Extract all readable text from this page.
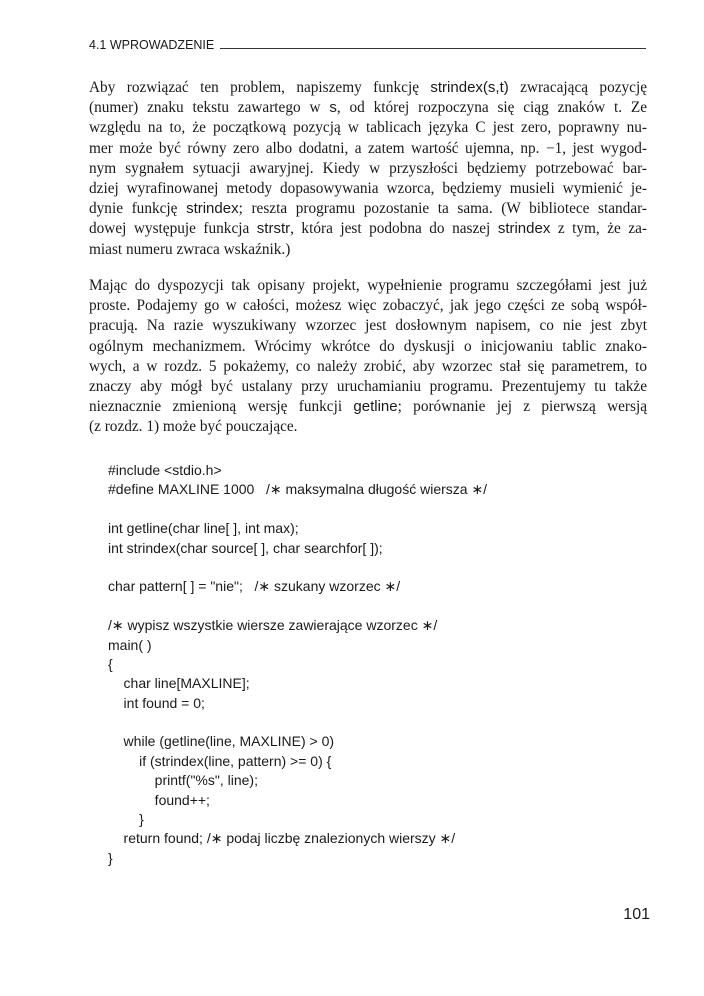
4.1 WPROWADZENIE
Aby rozwiązać ten problem, napiszemy funkcję strindex(s,t) zwracającą pozycję
(numer) znaku tekstu zawartego w s, od której rozpoczyna się ciąg znaków t. Ze
względu na to, że początkową pozycją w tablicach języka C jest zero, poprawny nu-
mer może być równy zero albo dodatni, a zatem wartość ujemna, np. −1, jest wygod-
nym sygnałem sytuacji awaryjnej. Kiedy w przyszłości będziemy potrzebować bar-
dziej wyrafinowanej metody dopasowywania wzorca, będziemy musieli wymienić je-
dynie funkcję strindex; reszta programu pozostanie ta sama. (W bibliotece standar-
dowej występuje funkcja strstr, która jest podobna do naszej strindex z tym, że za-
miast numeru zwraca wskaźnik.)
Mając do dyspozycji tak opisany projekt, wypełnienie programu szczegółami jest już
proste. Podajemy go w całości, możesz więc zobaczyć, jak jego części ze sobą współ-
pracują. Na razie wyszukiwany wzorzec jest dosłownym napisem, co nie jest zbyt
ogólnym mechanizmem. Wrócimy wkrótce do dyskusji o inicjowaniu tablic znako-
wych, a w rozdz. 5 pokażemy, co należy zrobić, aby wzorzec stał się parametrem, to
znaczy aby mógł być ustalany przy uruchamianiu programu. Prezentujemy tu także
nieznacznie zmienioną wersję funkcji getline; porównanie jej z pierwszą wersją
(z rozdz. 1) może być pouczające.
#include <stdio.h>
#define MAXLINE 1000   /∗ maksymalna długość wiersza ∗/
int getline(char line[ ], int max);
int strindex(char source[ ], char searchfor[ ]);
char pattern[ ] = "nie";   /∗ szukany wzorzec ∗/
/∗ wypisz wszystkie wiersze zawierające wzorzec ∗/
main( )
{
char line[MAXLINE];
int found = 0;
while (getline(line, MAXLINE) > 0)
if (strindex(line, pattern) >= 0) {
printf("%s", line);
found++;
}
return found; /∗ podaj liczbę znalezionych wierszy ∗/
}
101
